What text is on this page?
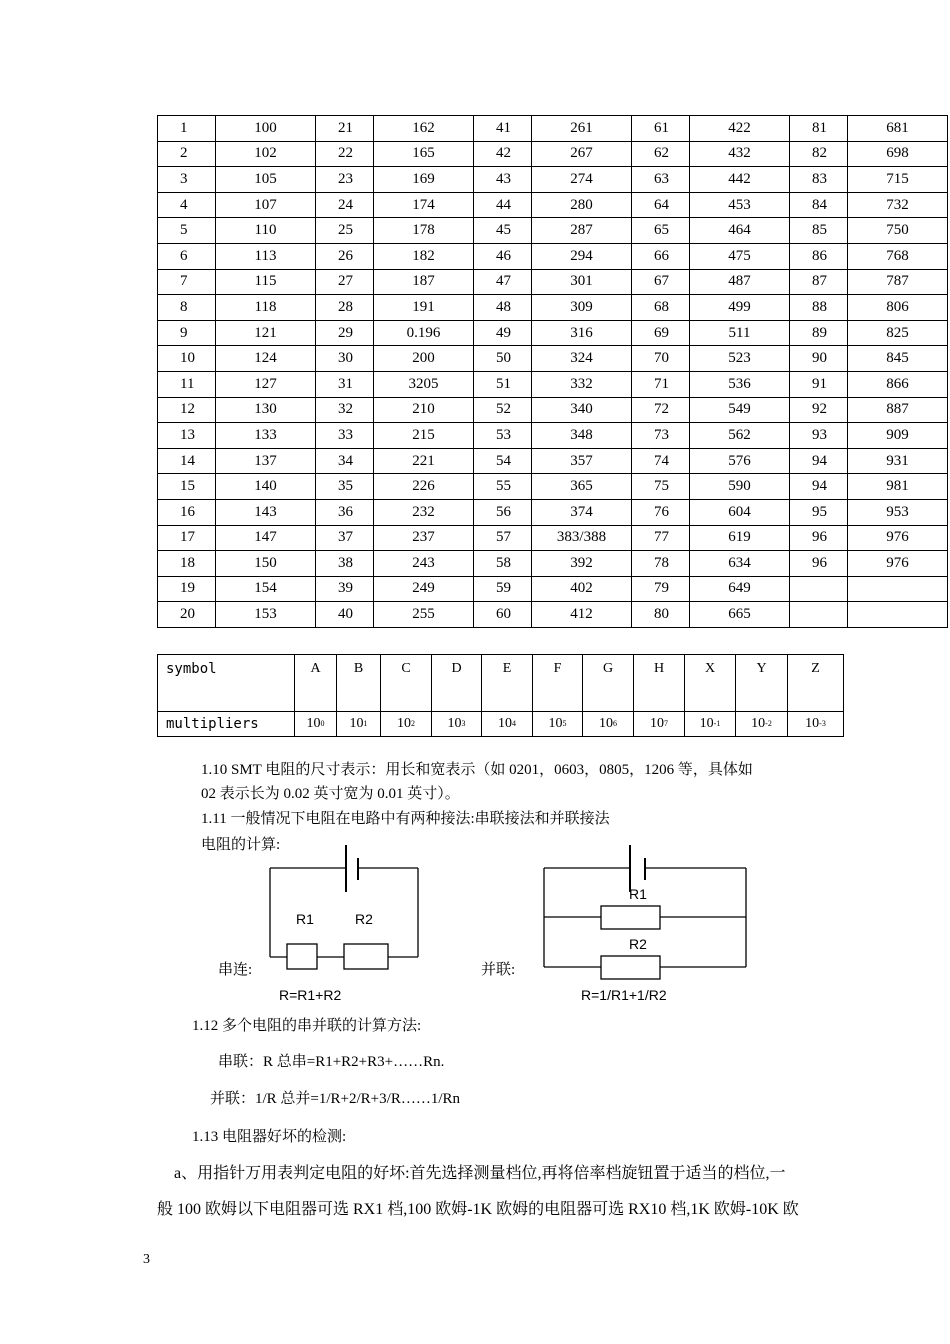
1	100	21	162	41	261	61	422	81	681
2	102	22	165	42	267	62	432	82	698
3	105	23	169	43	274	63	442	83	715
4	107	24	174	44	280	64	453	84	732
5	110	25	178	45	287	65	464	85	750
6	113	26	182	46	294	66	475	86	768
7	115	27	187	47	301	67	487	87	787
8	118	28	191	48	309	68	499	88	806
9	121	29	0.196	49	316	69	511	89	825
10	124	30	200	50	324	70	523	90	845
11	127	31	3205	51	332	71	536	91	866
12	130	32	210	52	340	72	549	92	887
13	133	33	215	53	348	73	562	93	909
14	137	34	221	54	357	74	576	94	931
15	140	35	226	55	365	75	590	94	981
16	143	36	232	56	374	76	604	95	953
17	147	37	237	57	383/388	77	619	96	976
18	150	38	243	58	392	78	634	96	976
19	154	39	249	59	402	79	649		
20	153	40	255	60	412	80	665		
symbol	A	B	C	D	E	F	G	H	X	Y	Z
multipliers	$10^0$	$10^1$	$10^2$	$10^3$	$10^4$	$10^5$	$10^6$	$10^7$	$10^{-1}$	$10^{-2}$	$10^{-3}$
1.10 SMT 电阻的尺寸表示：用长和宽表示（如 0201，0603，0805，1206 等，具体如
02 表示长为 0.02 英寸宽为 0.01 英寸）。
1.11 一般情况下电阻在电路中有两种接法:串联接法和并联接法
电阻的计算:
R1	R2
R1
R2
串连:	并联:
R=R1+R2	R=1/R1+1/R2
1.12 多个电阻的串并联的计算方法:
串联：R 总串=R1+R2+R3+……Rn.
并联：1/R 总并=1/R+2/R+3/R……1/Rn
1.13 电阻器好坏的检测:
a、用指针万用表判定电阻的好坏:首先选择测量档位,再将倍率档旋钮置于适当的档位,一
般 100 欧姆以下电阻器可选 RX1 档,100 欧姆-1K 欧姆的电阻器可选 RX10 档,1K 欧姆-10K 欧
3
